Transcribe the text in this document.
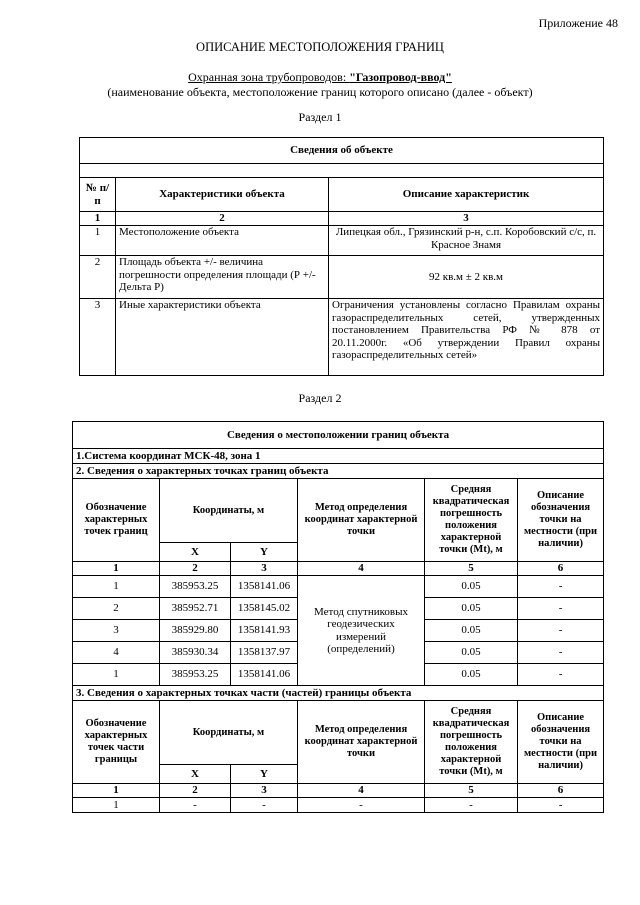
Приложение 48
ОПИСАНИЕ МЕСТОПОЛОЖЕНИЯ ГРАНИЦ
Охранная зона трубопроводов: "Газопровод-ввод"
(наименование объекта, местоположение границ которого описано (далее - объект)
Раздел 1
Сведения об объекте		

№ п/п	Характеристики объекта	Описание характеристик
1	2	3
1	Местоположение объекта	Липецкая обл., Грязинский р-н, с.п. Коробовский с/с, п. Красное Знамя
2	Площадь объекта +/- величина погрешности определения площади (Р +/- Дельта Р)	92 кв.м ± 2 кв.м
3	Иные характеристики объекта	Ограничения установлены согласно Правилам охраны газораспределительных сетей, утвержденных постановлением Правительства РФ № 878 от 20.11.2000г. «Об утверждении Правил охраны газораспределительных сетей»
Раздел 2
Сведения о местоположении границ объекта					
1.Система координат МСК-48, зона 1					
2. Сведения о характерных точках границ объекта					
Обозначение характерных точек границ	Координаты, м		Метод определения координат характерной точки	Средняя квадратическая погрешность положения характерной точки (Mt), м	Описание обозначения точки на местности (при наличии)
	X	Y			
1	2	3	4	5	6
1	385953.25	1358141.06	Метод спутниковых геодезических измерений (определений)	0.05	-
2	385952.71	1358145.02		0.05	-
3	385929.80	1358141.93		0.05	-
4	385930.34	1358137.97		0.05	-
1	385953.25	1358141.06		0.05	-
3. Сведения о характерных точках части (частей) границы объекта					
Обозначение характерных точек части границы	Координаты, м		Метод определения координат характерной точки	Средняя квадратическая погрешность положения характерной точки (Mt), м	Описание обозначения точки на местности (при наличии)
	X	Y			
1	2	3	4	5	6
1	-	-	-	-	-
